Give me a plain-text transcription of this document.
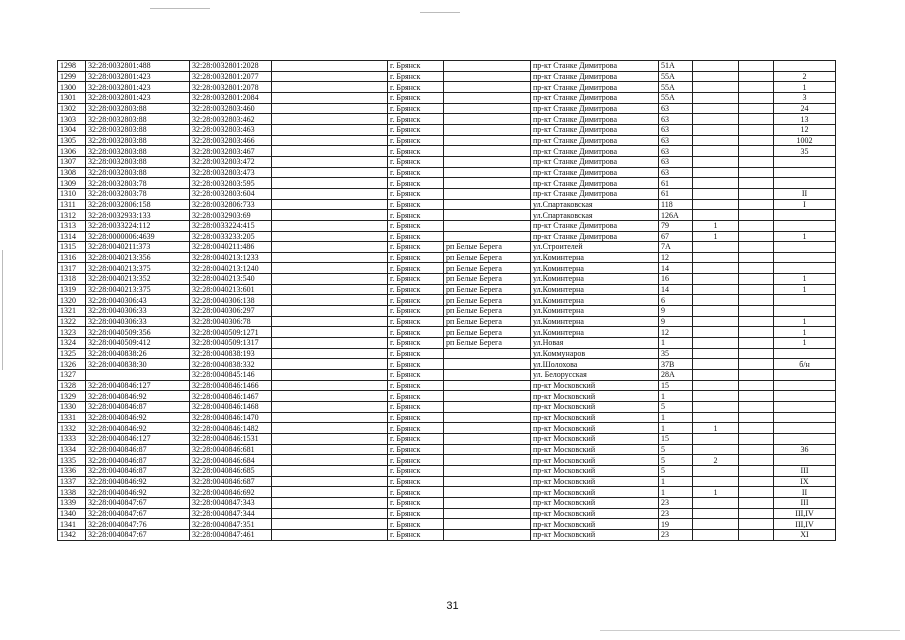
1298	32:28:0032801:488	32:28:0032801:2028		г. Брянск		пр-кт Станке Димитрова	51А			
1299	32:28:0032801:423	32:28:0032801:2077		г. Брянск		пр-кт Станке Димитрова	55А			2
1300	32:28:0032801:423	32:28:0032801:2078		г. Брянск		пр-кт Станке Димитрова	55А			1
1301	32:28:0032801:423	32:28:0032801:2084		г. Брянск		пр-кт Станке Димитрова	55А			3
1302	32:28:0032803:88	32:28:0032803:460		г. Брянск		пр-кт Станке Димитрова	63			24
1303	32:28:0032803:88	32:28:0032803:462		г. Брянск		пр-кт Станке Димитрова	63			13
1304	32:28:0032803:88	32:28:0032803:463		г. Брянск		пр-кт Станке Димитрова	63			12
1305	32:28:0032803:88	32:28:0032803:466		г. Брянск		пр-кт Станке Димитрова	63			1002
1306	32:28:0032803:88	32:28:0032803:467		г. Брянск		пр-кт Станке Димитрова	63			35
1307	32:28:0032803:88	32:28:0032803:472		г. Брянск		пр-кт Станке Димитрова	63			
1308	32:28:0032803:88	32:28:0032803:473		г. Брянск		пр-кт Станке Димитрова	63			
1309	32:28:0032803:78	32:28:0032803:595		г. Брянск		пр-кт Станке Димитрова	61			
1310	32:28:0032803:78	32:28:0032803:604		г. Брянск		пр-кт Станке Димитрова	61			II
1311	32:28:0032806:158	32:28:0032806:733		г. Брянск		ул.Спартаковская	118			I
1312	32:28:0032933:133	32:28:0032903:69		г. Брянск		ул.Спартаковская	126А			
1313	32:28:0033224:112	32:28:0033224:415		г. Брянск		пр-кт Станке Димитрова	79	1		
1314	32:28:0000006:4639	32:28:0033233:205		г. Брянск		пр-кт Станке Димитрова	67	1		1
1315	32:28:0040211:373	32:28:0040211:486		г. Брянск	рп Белые Берега	ул.Строителей	7А			
1316	32:28:0040213:356	32:28:0040213:1233		г. Брянск	рп Белые Берега	ул.Коминтерна	12			
1317	32:28:0040213:375	32:28:0040213:1240		г. Брянск	рп Белые Берега	ул.Коминтерна	14			
1318	32:28:0040213:352	32:28:0040213:540		г. Брянск	рп Белые Берега	ул.Коминтерна	16			1
1319	32:28:0040213:375	32:28:0040213:601		г. Брянск	рп Белые Берега	ул.Коминтерна	14			1
1320	32:28:0040306:43	32:28:0040306:138		г. Брянск	рп Белые Берега	ул.Коминтерна	6			
1321	32:28:0040306:33	32:28:0040306:297		г. Брянск	рп Белые Берега	ул.Коминтерна	9			
1322	32:28:0040306:33	32:28:0040306:78		г. Брянск	рп Белые Берега	ул.Коминтерна	9			1
1323	32:28:0040509:356	32:28:0040509:1271		г. Брянск	рп Белые Берега	ул.Коминтерна	12			1
1324	32:28:0040509:412	32:28:0040509:1317		г. Брянск	рп Белые Берега	ул.Новая	1			1
1325	32:28:0040838:26	32:28:0040838:193		г. Брянск		ул.Коммунаров	35			
1326	32:28:0040838:30	32:28:0040838:332		г. Брянск		ул.Шолохова	37В			б/н
1327		32:28:0040845:146		г. Брянск		ул. Белорусская	28А			
1328	32:28:0040846:127	32:28:0040846:1466		г. Брянск		пр-кт Московский	15			
1329	32:28:0040846:92	32:28:0040846:1467		г. Брянск		пр-кт Московский	1			
1330	32:28:0040846:87	32:28:0040846:1468		г. Брянск		пр-кт Московский	5			
1331	32:28:0040846:92	32:28:0040846:1470		г. Брянск		пр-кт Московский	1			
1332	32:28:0040846:92	32:28:0040846:1482		г. Брянск		пр-кт Московский	1	1		
1333	32:28:0040846:127	32:28:0040846:1531		г. Брянск		пр-кт Московский	15			
1334	32:28:0040846:87	32:28:0040846:681		г. Брянск		пр-кт Московский	5			36
1335	32:28:0040846:87	32:28:0040846:684		г. Брянск		пр-кт Московский	5	2		
1336	32:28:0040846:87	32:28:0040846:685		г. Брянск		пр-кт Московский	5			III
1337	32:28:0040846:92	32:28:0040846:687		г. Брянск		пр-кт Московский	1			IX
1338	32:28:0040846:92	32:28:0040846:692		г. Брянск		пр-кт Московский	1	1		II
1339	32:28:0040847:67	32:28:0040847:343		г. Брянск		пр-кт Московский	23			III
1340	32:28:0040847:67	32:28:0040847:344		г. Брянск		пр-кт Московский	23			III,IV
1341	32:28:0040847:76	32:28:0040847:351		г. Брянск		пр-кт Московский	19			III,IV
1342	32:28:0040847:67	32:28:0040847:461		г. Брянск		пр-кт Московский	23			XI
31
